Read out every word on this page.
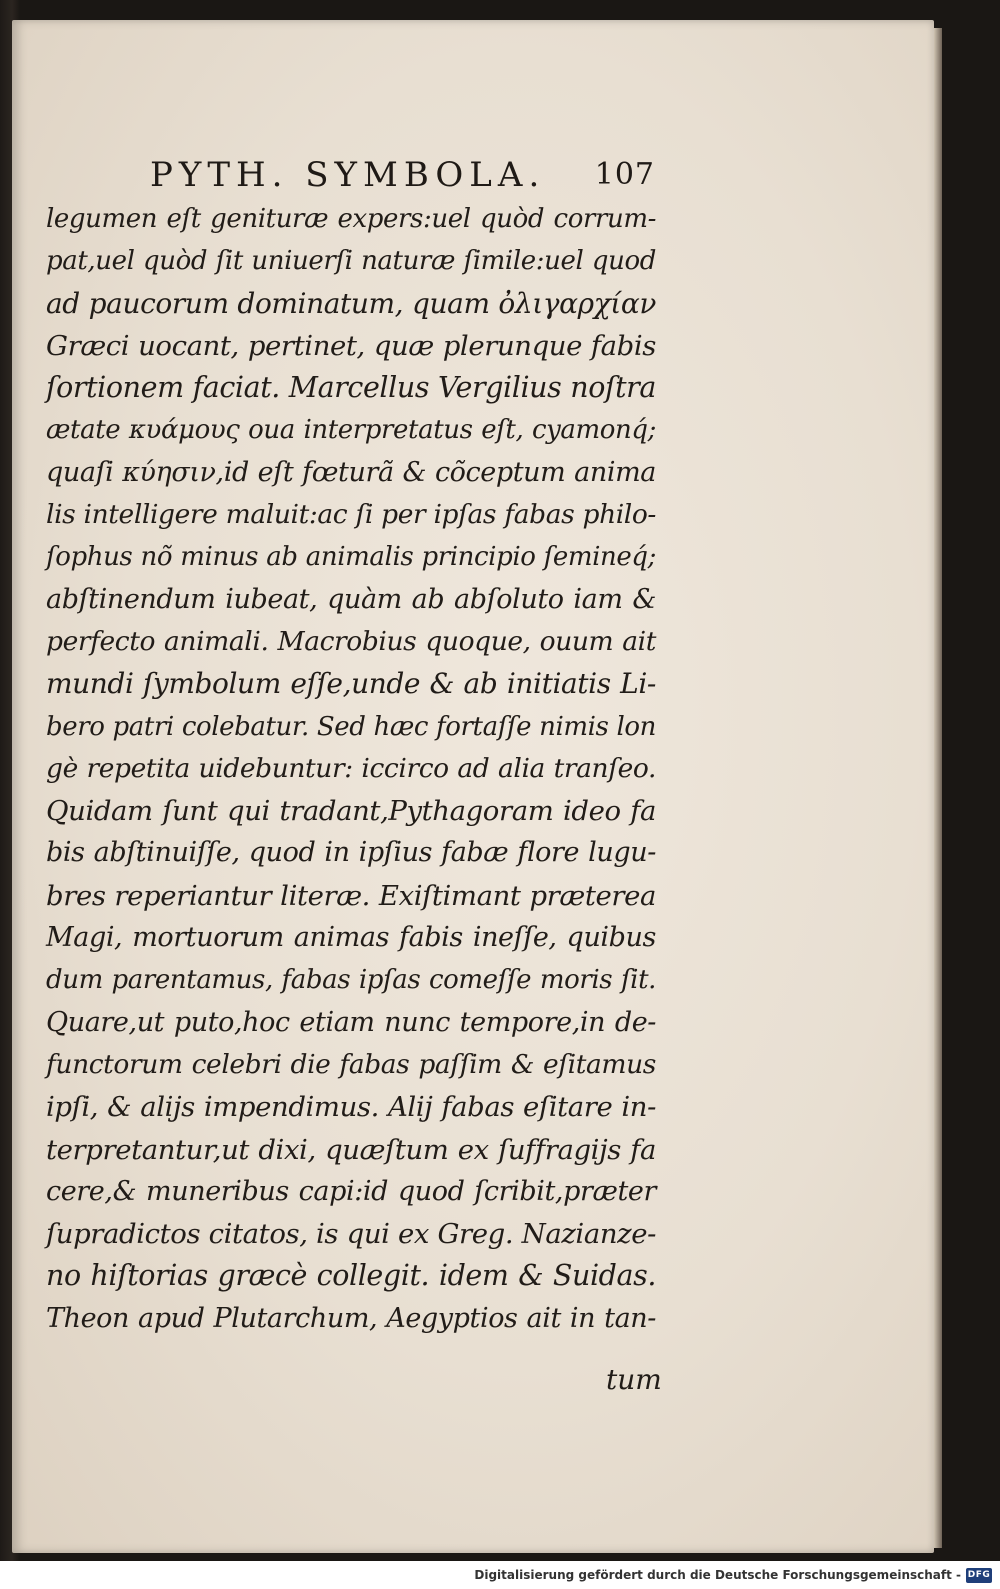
PYTH. SYMBOLA. 107
legumen eſt genituræ expers:uel quòd corrum-
pat,uel quòd ſit uniuerſi naturæ ſimile:uel quod
ad paucorum dominatum, quam ὀλιγαρχίαν
Græci uocant, pertinet, quæ plerunque fabis
ſortionem faciat. Marcellus Vergilius noſtra
ætate κυάμους oua interpretatus eſt, cyamonq́;
quaſi κύησιν,id eſt fœturã & cõceptum anima
lis intelligere maluit:ac ſi per ipſas fabas philo-
ſophus nõ minus ab animalis principio ſemineq́;
abſtinendum iubeat, quàm ab abſoluto iam &
perfecto animali. Macrobius quoque, ouum ait
mundi ſymbolum eſſe,unde & ab initiatis Li-
bero patri colebatur. Sed hæc fortaſſe nimis lon
gè repetita uidebuntur: iccirco ad alia tranſeo.
Quidam ſunt qui tradant,Pythagoram ideo fa
bis abſtinuiſſe, quod in ipſius fabæ flore lugu-
bres reperiantur literæ. Exiſtimant præterea
Magi, mortuorum animas fabis ineſſe, quibus
dum parentamus, fabas ipſas comeſſe moris ſit.
Quare,ut puto,hoc etiam nunc tempore,in de-
functorum celebri die fabas paſſim & eſitamus
ipſi, & alijs impendimus. Alij fabas eſitare in-
terpretantur,ut dixi, quæſtum ex ſuffragijs fa
cere,& muneribus capi:id quod ſcribit,præter
ſupradictos citatos, is qui ex Greg. Nazianze-
no hiſtorias græcè collegit. idem & Suidas.
Theon apud Plutarchum, Aegyptios ait in tan-
tum
Digitalisierung gefördert durch die Deutsche Forschungsgemeinschaft - DFG
